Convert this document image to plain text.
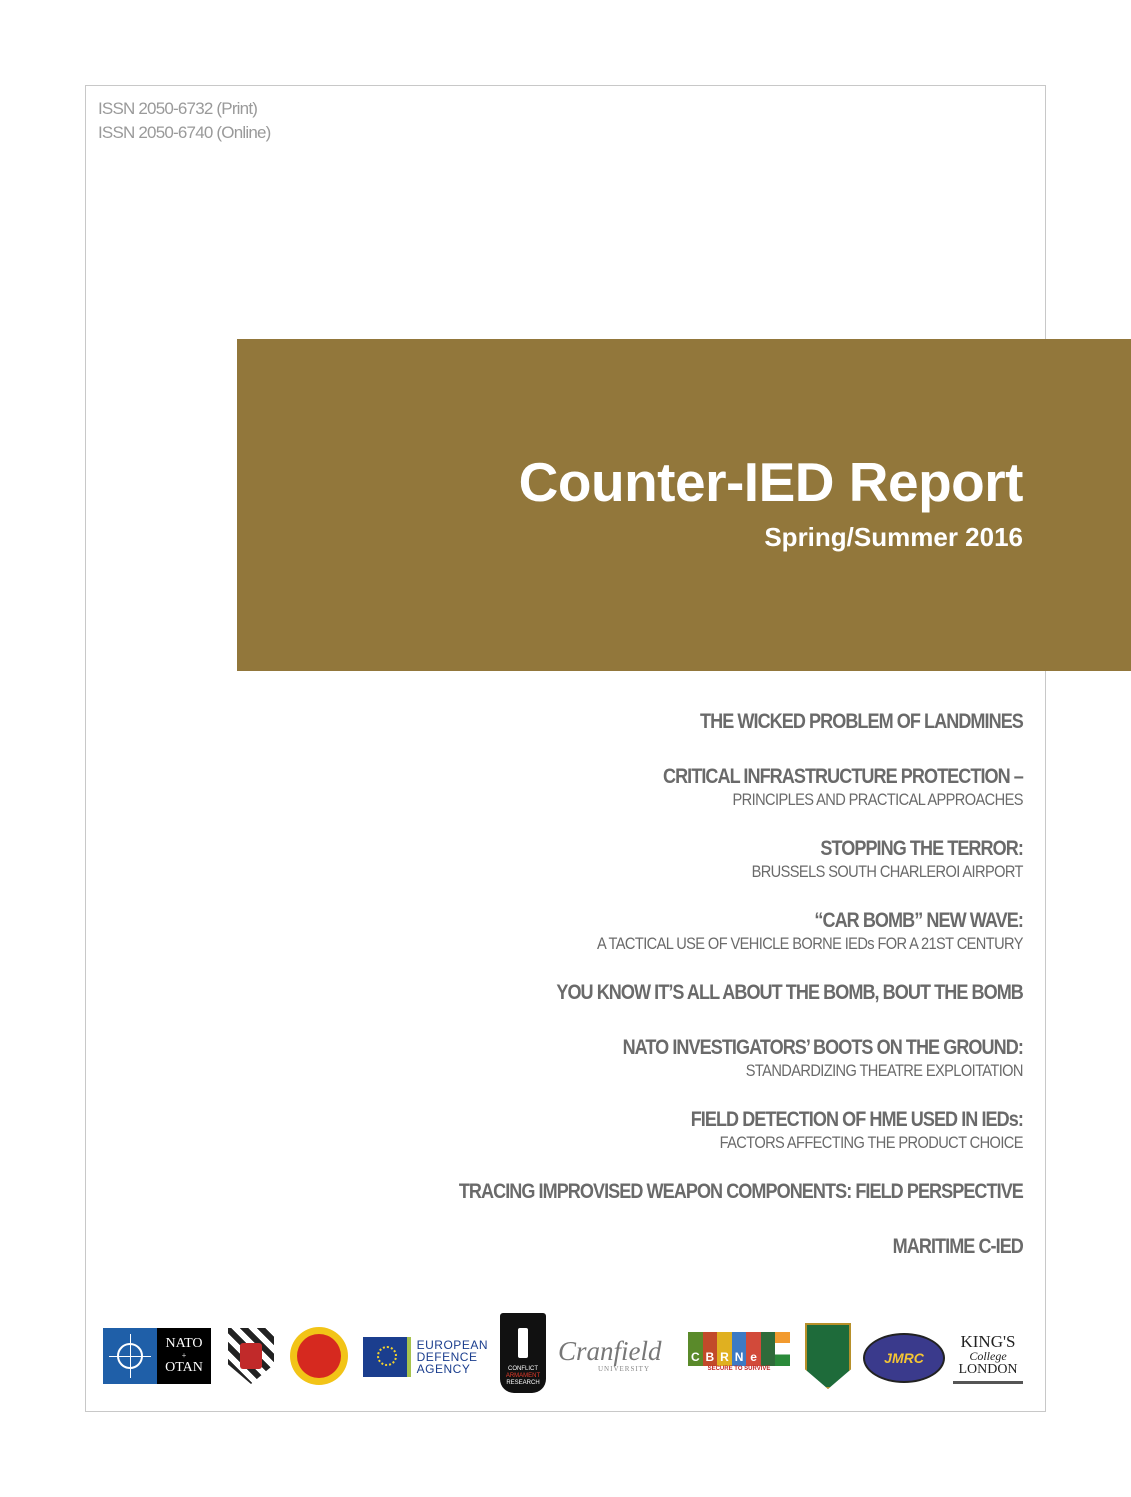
ISSN 2050-6732 (Print)
ISSN 2050-6740 (Online)
Counter-IED Report
Spring/Summer 2016
THE WICKED PROBLEM OF LANDMINES
CRITICAL INFRASTRUCTURE PROTECTION –
PRINCIPLES AND PRACTICAL APPROACHES
STOPPING THE TERROR:
BRUSSELS SOUTH CHARLEROI AIRPORT
“CAR BOMB” NEW WAVE:
A TACTICAL USE OF VEHICLE BORNE IEDs FOR A 21ST CENTURY
YOU KNOW IT’S ALL ABOUT THE BOMB, BOUT THE BOMB
NATO INVESTIGATORS’ BOOTS ON THE GROUND:
STANDARDIZING THEATRE EXPLOITATION
FIELD DETECTION OF HME USED IN IEDs:
FACTORS AFFECTING THE PRODUCT CHOICE
TRACING IMPROVISED WEAPON COMPONENTS: FIELD PERSPECTIVE
MARITIME C-IED
NATO
+
OTAN
EUROPEAN
DEFENCE
AGENCY	CONFLICT
ARMAMENT
RESEARCH
Cranfield
UNIVERSITY
C B R N e
SECURE TO SURVIVE
JMRC
KING'S
College
LONDON
